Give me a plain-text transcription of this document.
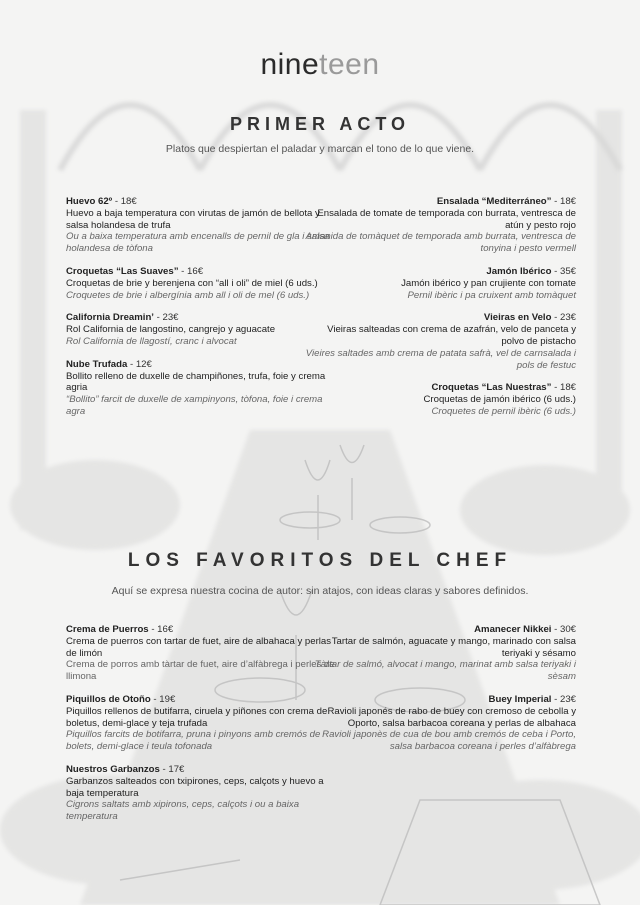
nineteen
PRIMER ACTO
Platos que despiertan el paladar y marcan el tono de lo que viene.
Huevo 62º - 18€
Huevo a baja temperatura con virutas de jamón de bellota y salsa holandesa de trufa
Ou a baixa temperatura amb encenalls de pernil de gla i salsa holandesa de tòfona
Croquetas “Las Suaves” - 16€
Croquetas de brie y berenjena con “all i oli” de miel (6 uds.)
Croquetes de brie i albergínia amb all i oli de mel (6 uds.)
California Dreamin’ - 23€
Rol California de langostino, cangrejo y aguacate
Rol California de llagostí, cranc i alvocat
Nube Trufada - 12€
Bollito relleno de duxelle de champiñones, trufa, foie y crema agria
“Bollito” farcit de duxelle de xampinyons, tòfona, foie i crema agra
Ensalada “Mediterráneo” - 18€
Ensalada de tomate de temporada con burrata, ventresca de atún y pesto rojo
Amanida de tomàquet de temporada amb burrata, ventresca de tonyina i pesto vermell
Jamón Ibérico - 35€
Jamón ibérico y pan crujiente con tomate
Pernil ibèric i pa cruixent amb tomàquet
Vieiras en Velo - 23€
Vieiras salteadas con crema de azafrán, velo de panceta y polvo de pistacho
Vieires saltades amb crema de patata safrà, vel de carnsalada i pols de festuc
Croquetas “Las Nuestras” - 18€
Croquetas de jamón ibérico (6 uds.)
Croquetes de pernil ibèric (6 uds.)
LOS FAVORITOS DEL CHEF
Aquí se expresa nuestra cocina de autor: sin atajos, con ideas claras y sabores definidos.
Crema de Puerros - 16€
Crema de puerros con tartar de fuet, aire de albahaca y perlas de limón
Crema de porros amb tàrtar de fuet, aire d’alfàbrega i perles de llimona
Piquillos de Otoño - 19€
Piquillos rellenos de butifarra, ciruela y piñones con crema de boletus, demi-glace y teja trufada
Piquillos farcits de botifarra, pruna i pinyons amb cremós de bolets, demi-glace i teula tofonada
Nuestros Garbanzos - 17€
Garbanzos salteados con txipirones, ceps, calçots y huevo a baja temperatura
Cigrons saltats amb xipirons, ceps, calçots i ou a baixa temperatura
Amanecer Nikkei - 30€
Tartar de salmón, aguacate y mango, marinado con salsa teriyaki y sésamo
Tàrtar de salmó, alvocat i mango, marinat amb salsa teriyaki i sèsam
Buey Imperial - 23€
Ravioli japonés de rabo de buey con cremoso de cebolla y Oporto, salsa barbacoa coreana y perlas de albahaca
Ravioli japonès de cua de bou amb cremós de ceba i Porto, salsa barbacoa coreana i perles d’alfàbrega
